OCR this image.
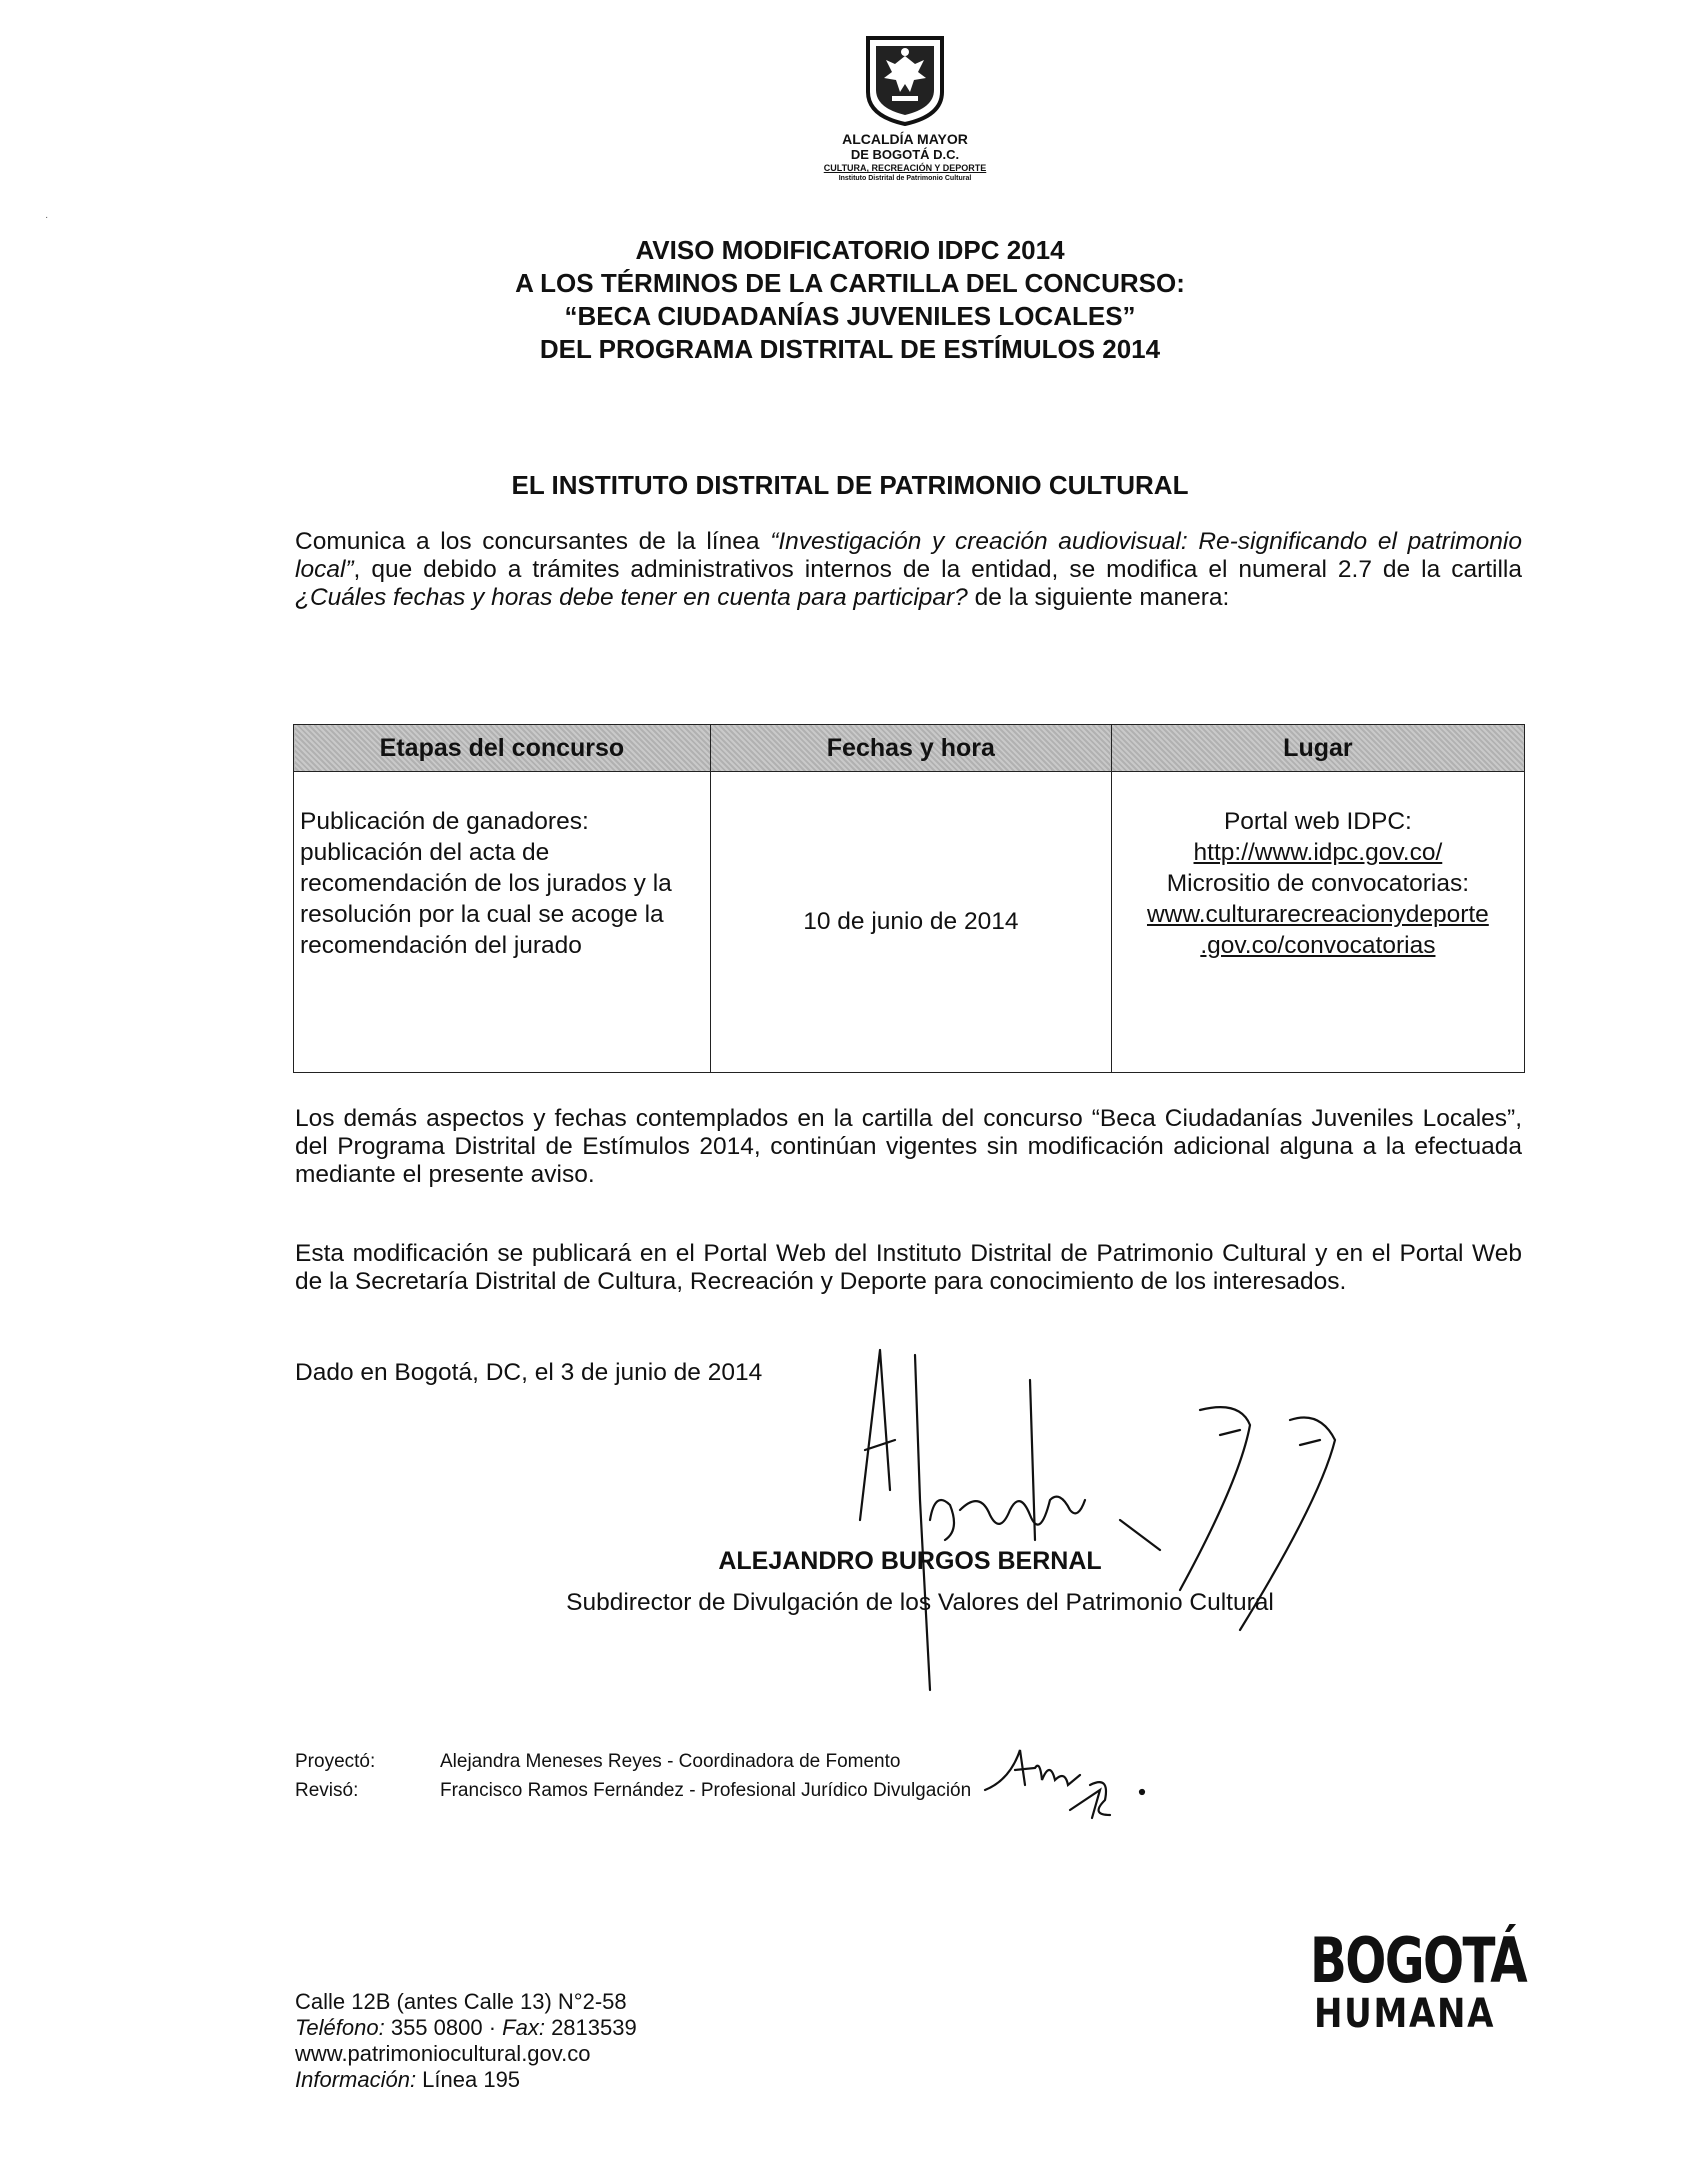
ALCALDÍA MAYOR
DE BOGOTÁ D.C.
CULTURA, RECREACIÓN Y DEPORTE
Instituto Distrital de Patrimonio Cultural
·
AVISO MODIFICATORIO IDPC 2014
A LOS TÉRMINOS DE LA CARTILLA DEL CONCURSO:
“BECA CIUDADANÍAS JUVENILES LOCALES”
DEL PROGRAMA DISTRITAL DE ESTÍMULOS 2014
EL INSTITUTO DISTRITAL DE PATRIMONIO CULTURAL
Comunica a los concursantes de la línea “Investigación y creación audiovisual: Re-significando el patrimonio local”, que debido a trámites administrativos internos de la entidad, se modifica el numeral 2.7 de la cartilla ¿Cuáles fechas y horas debe tener en cuenta para participar? de la siguiente manera:
Etapas del concurso	Fechas y hora	Lugar
Publicación de ganadores: publicación del acta de recomendación de los jurados y la resolución por la cual se acoge la recomendación del jurado	10 de junio de 2014	Portal web IDPC:
http://www.idpc.gov.co/
Micrositio de convocatorias:
www.culturarecreacionydeporte
.gov.co/convocatorias
Los demás aspectos y fechas contemplados en la cartilla del concurso “Beca Ciudadanías Juveniles Locales”, del Programa Distrital de Estímulos 2014, continúan vigentes sin modificación adicional alguna a la efectuada mediante el presente aviso.
Esta modificación se publicará en el Portal Web del Instituto Distrital de Patrimonio Cultural y en el Portal Web de la Secretaría Distrital de Cultura, Recreación y Deporte para conocimiento de los interesados.
Dado en Bogotá, DC, el 3 de junio de 2014
ALEJANDRO BURGOS BERNAL
Subdirector de Divulgación de los Valores del Patrimonio Cultural
Proyectó:	Alejandra Meneses Reyes - Coordinadora de Fomento
Revisó:	Francisco Ramos Fernández - Profesional Jurídico Divulgación
Calle 12B (antes Calle 13) N°2-58
Teléfono: 355 0800 · Fax: 2813539
www.patrimoniocultural.gov.co
Información: Línea 195
BOGOTÁ
HUMANA
